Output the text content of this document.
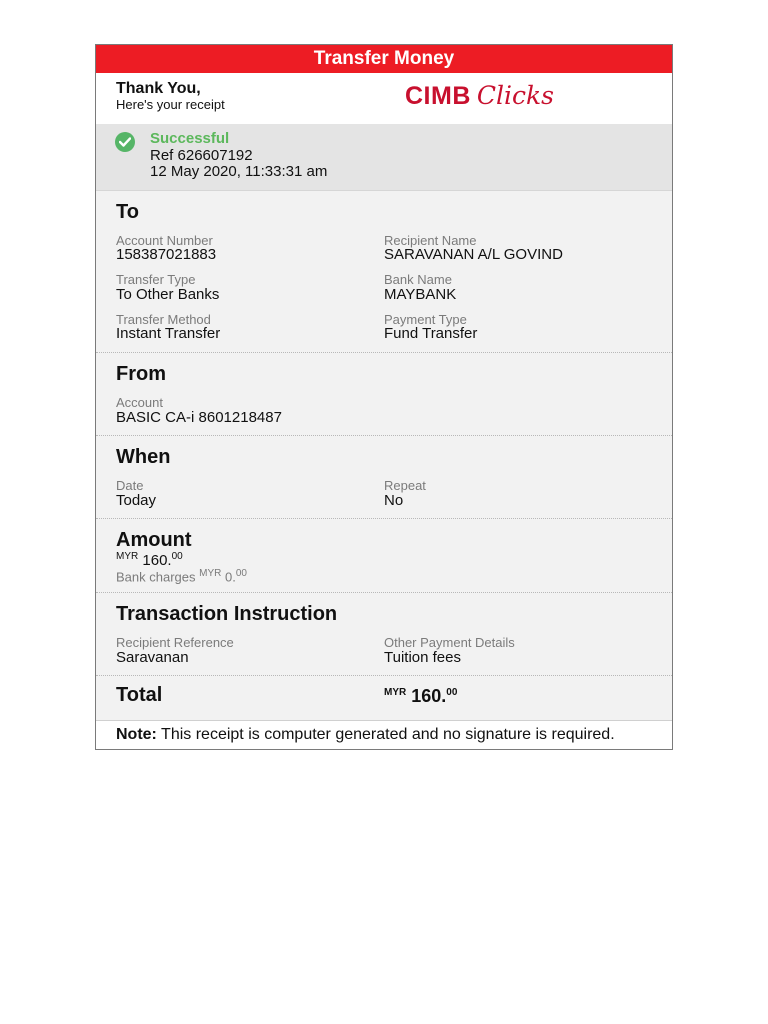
Transfer Money
Thank You,
Here's your receipt	CIMB Clicks
Successful
Ref 626607192
12 May 2020, 11:33:31 am
To
Account Number
158387021883
Recipient Name
SARAVANAN A/L GOVIND
Transfer Type
To Other Banks
Bank Name
MAYBANK
Transfer Method
Instant Transfer
Payment Type
Fund Transfer
From
Account
BASIC CA-i 8601218487
When
Date
Today
Repeat
No
Amount
$^{MYR}$ 160.00
Bank charges $^{MYR}$ 0.00
Transaction Instruction
Recipient Reference
Saravanan
Other Payment Details
Tuition fees
Total	$^{MYR}$ 160.00
Note: This receipt is computer generated and no signature is required.
